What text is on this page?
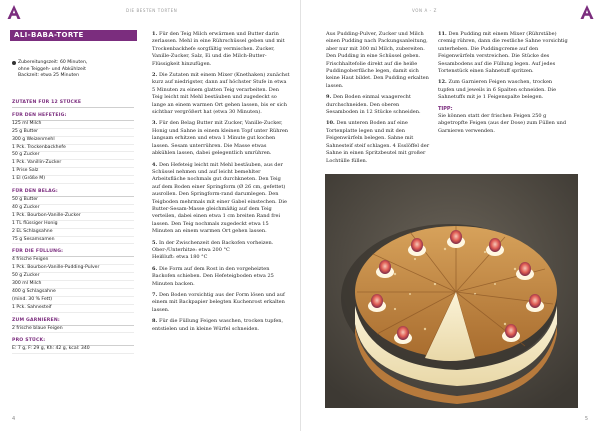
DIE BESTEN TORTEN
ALI-BABA-TORTE
Zubereitungszeit: 60 Minuten,
ohne Teiggeh- und Abkühlzeit
Backzeit: etwa 25 Minuten
ZUTATEN FÜR 12 STÜCKE
FÜR DEN HEFETEIG:
125 ml Milch
25 g Butter
300 g Weizenmehl
1 Pck. Trockenbackhefe
50 g Zucker
1 Pck. Vanillin-Zucker
1 Prise Salz
1 EI (Größe M)
FÜR DEN BELAG:
50 g Butter
40 g Zucker
1 Pck. Bourbon-Vanille-Zucker
1 TL flüssiger Honig
2 EL Schlagsahne
75 g Sesamsamen
FÜR DIE FÜLLUNG:
4 frische Feigen
1 Pck. Bourbon-Vanille-Pudding-Pulver
50 g Zucker
300 ml Milch
400 g Schlagsahne
(mind. 30 % Fett)
1 Pck. Sahnesteif
ZUM GARNIEREN:
2 frische blaue Feigen
PRO STÜCK:
E: 7 g, F: 29 g, Kh: 42 g, kcal: 340
1. Für den Teig Milch erwärmen und Butter darin zerlassen. Mehl in eine Rührschüssel geben und mit Trockenbackhefe sorgfältig vermischen. Zucker, Vanille-Zucker, Salz, Ei und die Milch-Butter-Flüssigkeit hinzufügen.
2. Die Zutaten mit einem Mixer (Knethaken) zunächst kurz auf niedrigster, dann auf höchster Stufe in etwa 5 Minuten zu einem glatten Teig verarbeiten. Den Teig leicht mit Mehl bestäuben und zugedeckt so lange an einem warmen Ort gehen lassen, bis er sich sichtbar vergrößert hat (etwa 30 Minuten).
3. Für den Belag Butter mit Zucker, Vanille-Zucker, Honig und Sahne in einem kleinen Topf unter Rühren langsam erhitzen und etwa 1 Minute gut kochen lassen. Sesam unterrühren. Die Masse etwas abkühlen lassen, dabei gelegentlich umrühren.
4. Den Hefeteig leicht mit Mehl bestäuben, aus der Schüssel nehmen und auf leicht bemehlter Arbeitsfläche nochmals gut durchkneten. Den Teig auf dem Boden einer Springform (Ø 26 cm, gefettet) ausrollen. Den Springform-rand darumlegen. Den Teigboden mehrmals mit einer Gabel einstechen. Die Butter-Sesam-Masse gleichmäßig auf dem Teig verteilen, dabei einen etwa 1 cm breiten Rand frei lassen. Den Teig nochmals zugedeckt etwa 15 Minuten an einem warmen Ort gehen lassen.
5. In der Zwischenzeit den Backofen vorheizen. Ober-/Unterhitze: etwa 200 °C
Heißluft: etwa 180 °C
6. Die Form auf dem Rost in den vorgeheizten Backofen schieben. Den Hefeteigboden etwa 25 Minuten backen.
7. Den Boden vorsichtig aus der Form lösen und auf einem mit Backpapier belegten Kuchenrost erkalten lassen.
8. Für die Füllung Feigen waschen, trocken tupfen, entstielen und in kleine Würfel schneiden.
4
VON A - Z
5
Aus Pudding-Pulver, Zucker und Milch einen Pudding nach Packungsanleitung, aber nur mit 300 ml Milch, zubereiten. Den Pudding in eine Schüssel geben. Frischhaltefolie direkt auf die heiße Puddingoberfläche legen, damit sich keine Haut bildet. Den Pudding erkalten lassen.
9. Den Boden einmal waagerecht durchschneiden. Den oberen Sesamboden in 12 Stücke schneiden.
10. Den unteren Boden auf eine Tortenplatte legen und mit den Feigenwürfeln belegen. Sahne mit Sahnesteif steif schlagen. 4 Esslöffel der Sahne in einen Spritzbeutel mit großer Lochtülle füllen.
11. Den Pudding mit einem Mixer (Rührstäbe) cremig rühren, dann die restliche Sahne vorsichtig unterheben. Die Puddingcreme auf den Feigenwürfeln verstreichen. Die Stücke des Sesambodens auf die Füllung legen. Auf jedes Tortenstück einen Sahnetuff spritzen.
12. Zum Garnieren Feigen waschen, trocken tupfen und jeweils in 6 Spalten schneiden. Die Sahnetuffs mit je 1 Feigenspalte belegen.
TIPP:
Sie können statt der frischen Feigen 250 g abgetropfte Feigen (aus der Dose) zum Füllen und Garnieren verwenden.
